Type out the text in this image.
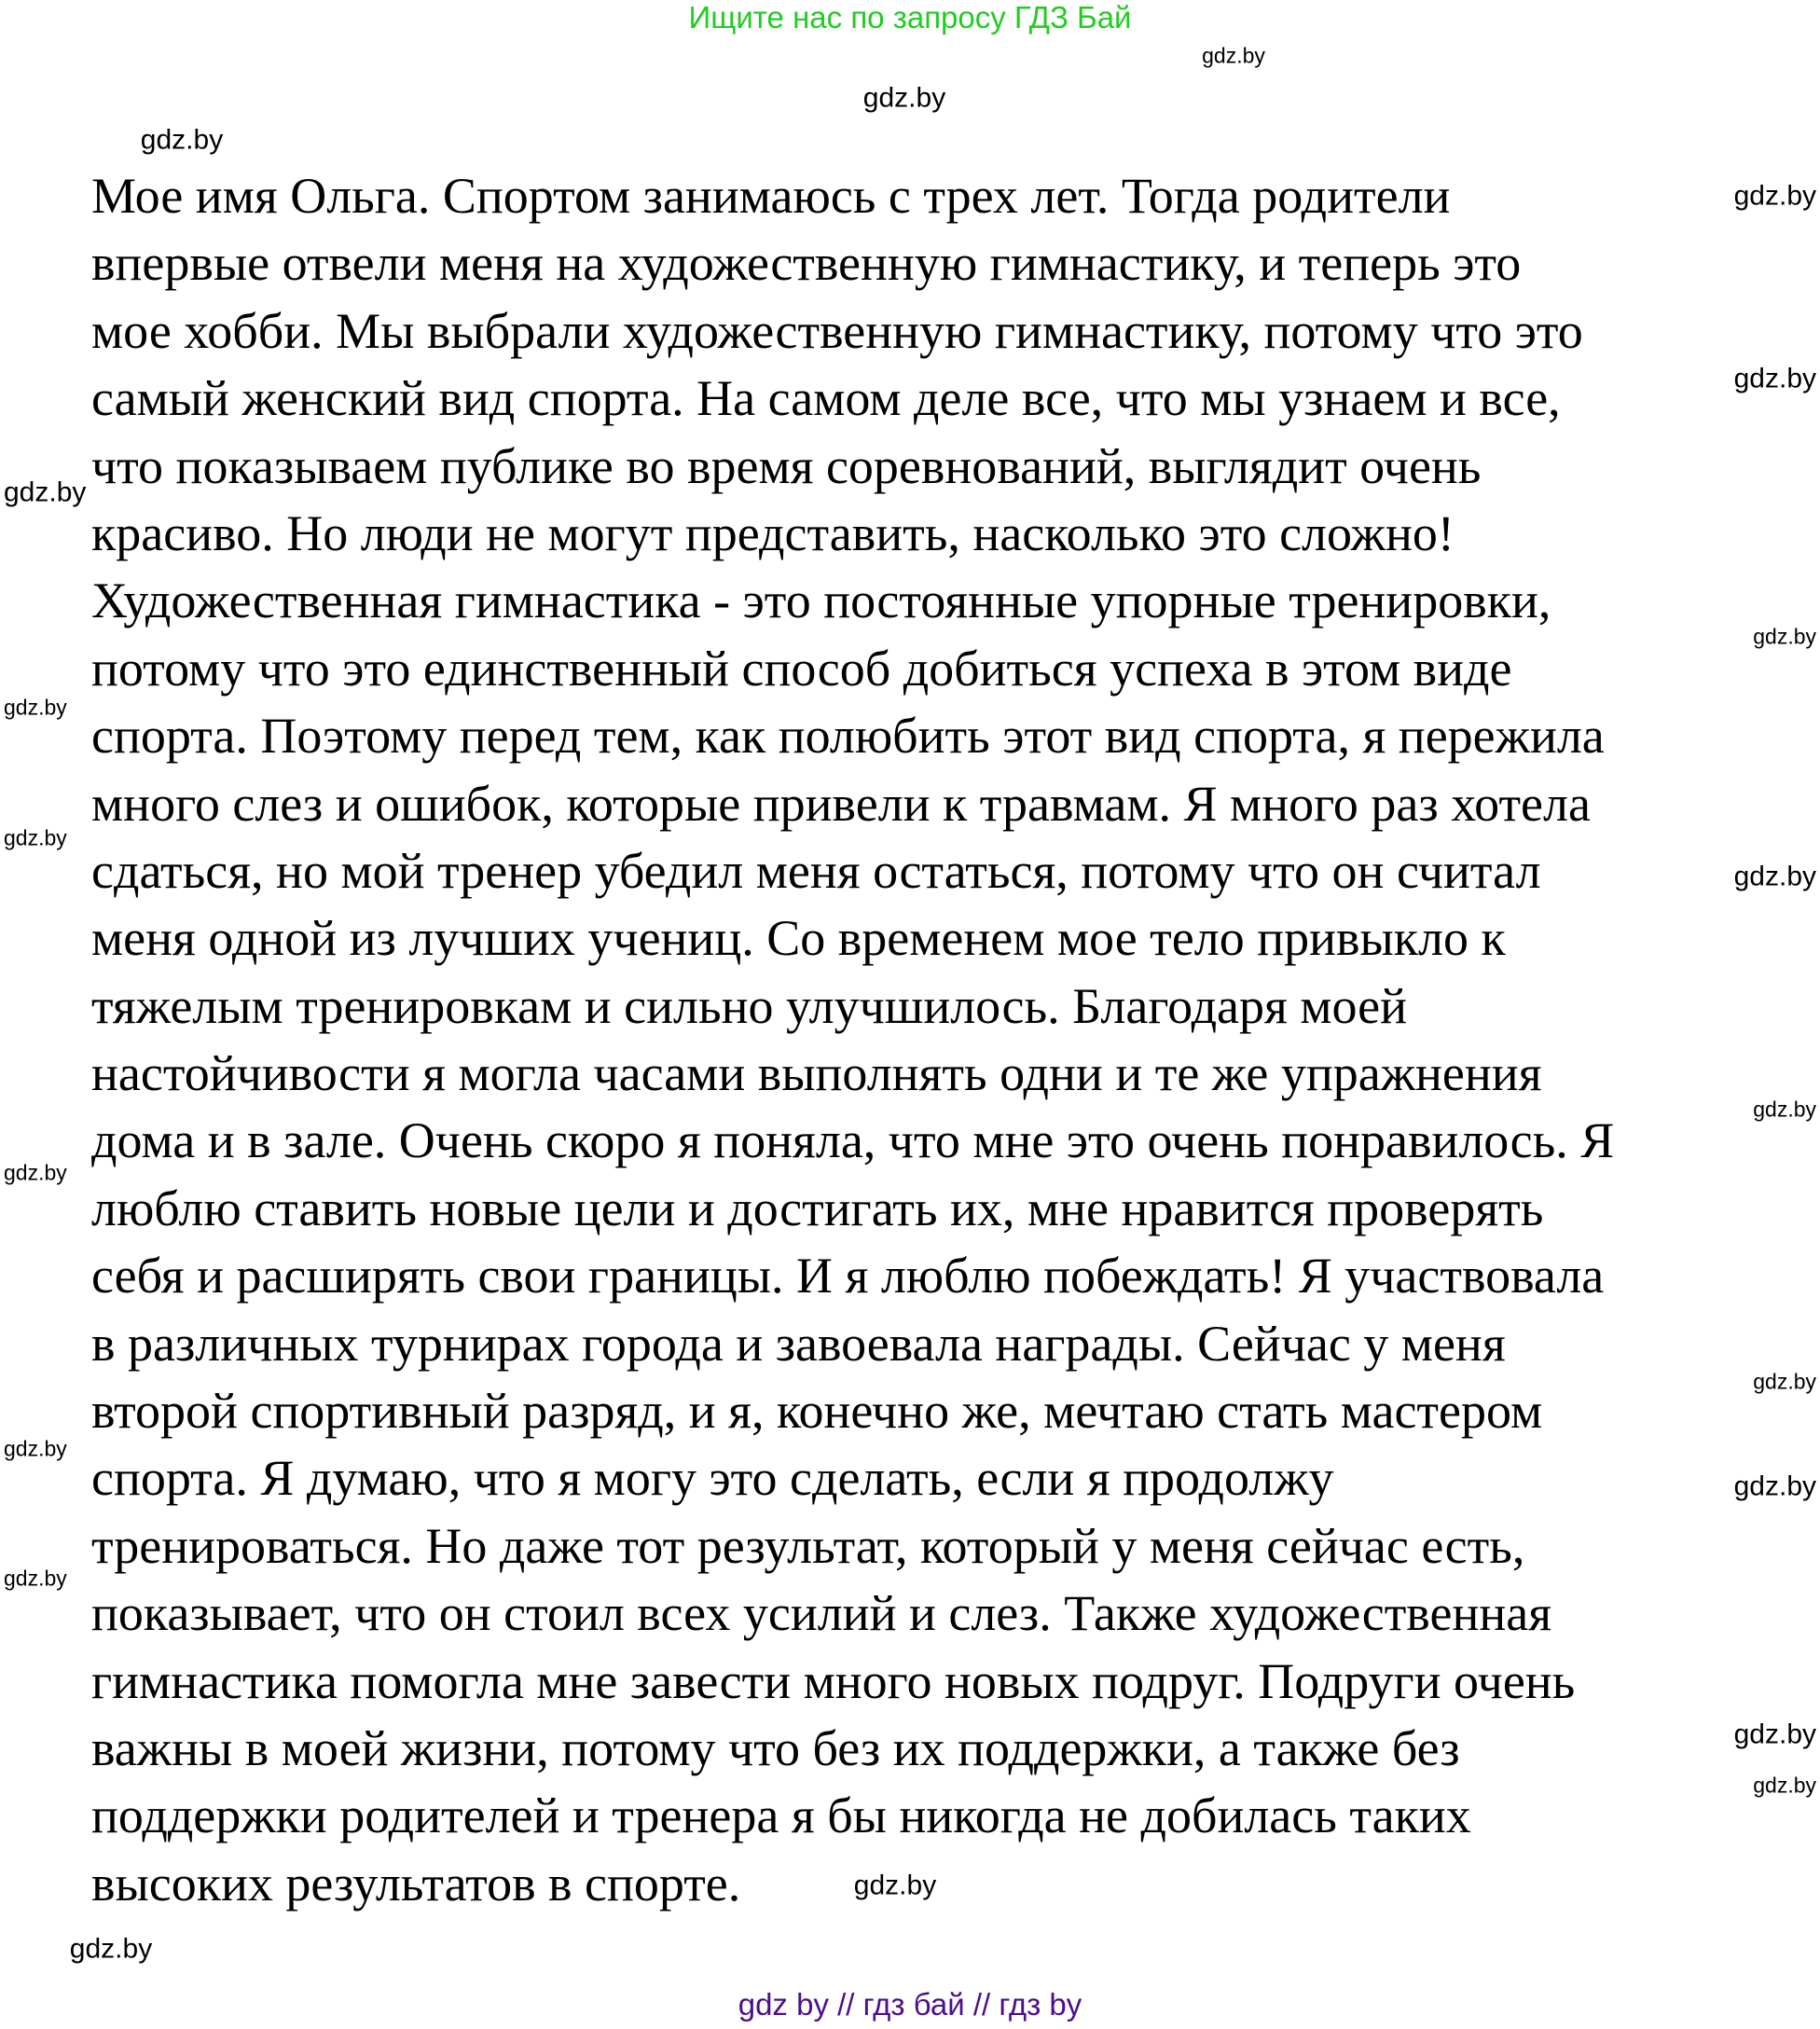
Ищите нас по запросу ГДЗ Бай
Мое имя Ольга. Спортом занимаюсь с трех лет. Тогда родители
впервые отвели меня на художественную гимнастику, и теперь это
мое хобби. Мы выбрали художественную гимнастику, потому что это
самый женский вид спорта. На самом деле все, что мы узнаем и все,
что показываем публике во время соревнований, выглядит очень
красиво. Но люди не могут представить, насколько это сложно!
Художественная гимнастика - это постоянные упорные тренировки,
потому что это единственный способ добиться успеха в этом виде
спорта. Поэтому перед тем, как полюбить этот вид спорта, я пережила
много слез и ошибок, которые привели к травмам. Я много раз хотела
сдаться, но мой тренер убедил меня остаться, потому что он считал
меня одной из лучших учениц. Со временем мое тело привыкло к
тяжелым тренировкам и сильно улучшилось. Благодаря моей
настойчивости я могла часами выполнять одни и те же упражнения
дома и в зале. Очень скоро я поняла, что мне это очень понравилось. Я
люблю ставить новые цели и достигать их, мне нравится проверять
себя и расширять свои границы. И я люблю побеждать! Я участвовала
в различных турнирах города и завоевала награды. Сейчас у меня
второй спортивный разряд, и я, конечно же, мечтаю стать мастером
спорта. Я думаю, что я могу это сделать, если я продолжу
тренироваться. Но даже тот результат, который у меня сейчас есть,
показывает, что он стоил всех усилий и слез. Также художественная
гимнастика помогла мне завести много новых подруг. Подруги очень
важны в моей жизни, потому что без их поддержки, а также без
поддержки родителей и тренера я бы никогда не добилась таких
высоких результатов в спорте.
gdz.by
gdz.by
gdz.by
gdz.by
gdz.by
gdz.by
gdz.by
gdz.by
gdz.by
gdz.by
gdz.by
gdz.by
gdz.by
gdz.by
gdz.by
gdz.by
gdz.by
gdz.by
gdz.by
gdz.by
gdz by // гдз бай // гдз by
